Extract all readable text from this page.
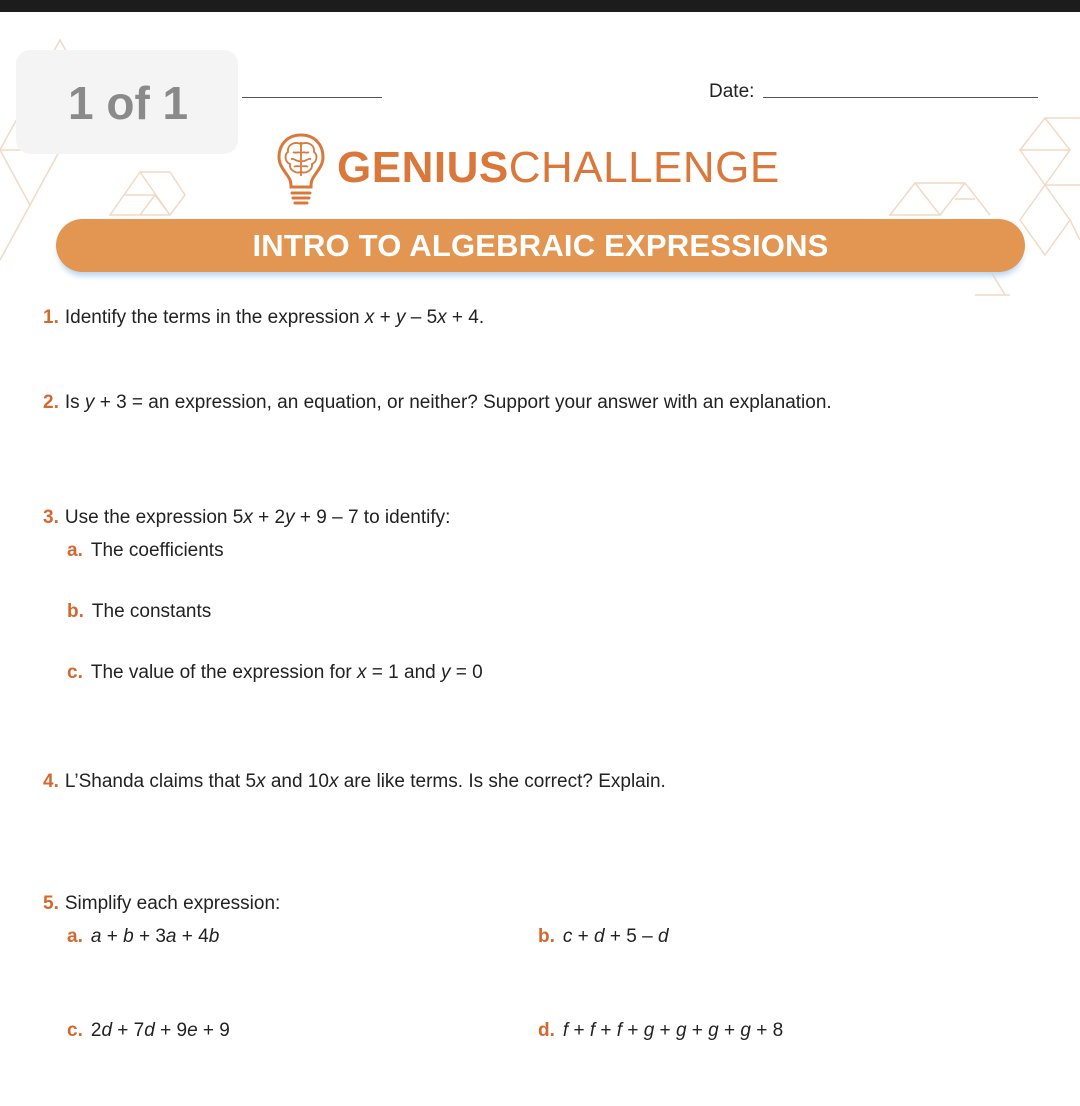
1 of 1	Date:
GENIUSCHALLENGE
INTRO TO ALGEBRAIC EXPRESSIONS
1. Identify the terms in the expression x + y – 5x + 4.
2. Is y + 3 = an expression, an equation, or neither? Support your answer with an explanation.
3. Use the expression 5x + 2y + 9 – 7 to identify:
a. The coefficients
b. The constants
c. The value of the expression for x = 1 and y = 0
4. L’Shanda claims that 5x and 10x are like terms. Is she correct? Explain.
5. Simplify each expression:
a. a + b + 3a + 4b	b. c + d + 5 – d
c. 2d + 7d + 9e + 9	d. f + f + f + g + g + g + g + 8
